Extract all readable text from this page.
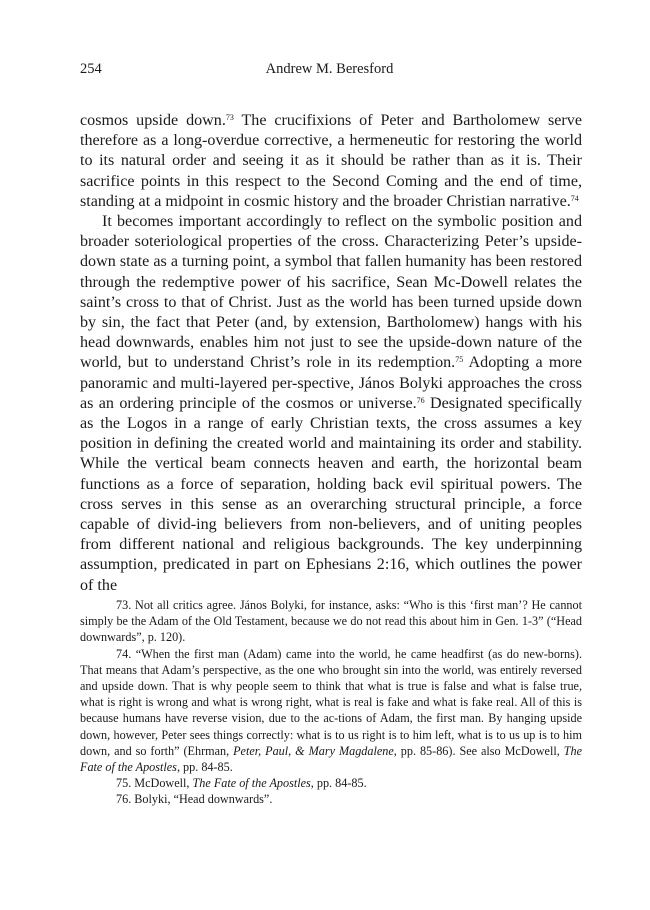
254	Andrew M. Beresford

cosmos upside down.$^{73}$ The crucifixions of Peter and Bartholomew serve therefore as a long-overdue corrective, a hermeneutic for restoring the world to its natural order and seeing it as it should be rather than as it is. Their sacrifice points in this respect to the Second Coming and the end of time, standing at a midpoint in cosmic history and the broader Christian narrative.$^{74}$

It becomes important accordingly to reflect on the symbolic position and broader soteriological properties of the cross. Characterizing Peter’s upside-down state as a turning point, a symbol that fallen humanity has been restored through the redemptive power of his sacrifice, Sean Mc-Dowell relates the saint’s cross to that of Christ. Just as the world has been turned upside down by sin, the fact that Peter (and, by extension, Bartholomew) hangs with his head downwards, enables him not just to see the upside-down nature of the world, but to understand Christ’s role in its redemption.$^{75}$ Adopting a more panoramic and multi-layered per-spective, János Bolyki approaches the cross as an ordering principle of the cosmos or universe.$^{76}$ Designated specifically as the Logos in a range of early Christian texts, the cross assumes a key position in defining the created world and maintaining its order and stability. While the vertical beam connects heaven and earth, the horizontal beam functions as a force of separation, holding back evil spiritual powers. The cross serves in this sense as an overarching structural principle, a force capable of divid-ing believers from non-believers, and of uniting peoples from different national and religious backgrounds. The key underpinning assumption, predicated in part on Ephesians 2:16, which outlines the power of the

73. Not all critics agree. János Bolyki, for instance, asks: “Who is this ‘first man’? He cannot simply be the Adam of the Old Testament, because we do not read this about him in Gen. 1-3” (“Head downwards”, p. 120).

74. “When the first man (Adam) came into the world, he came headfirst (as do new-borns). That means that Adam’s perspective, as the one who brought sin into the world, was entirely reversed and upside down. That is why people seem to think that what is true is false and what is false true, what is right is wrong and what is wrong right, what is real is fake and what is fake real. All of this is because humans have reverse vision, due to the ac-tions of Adam, the first man. By hanging upside down, however, Peter sees things correctly: what is to us right is to him left, what is to us up is to him down, and so forth” (Ehrman, Peter, Paul, & Mary Magdalene, pp. 85-86). See also McDowell, The Fate of the Apostles, pp. 84-85.

75. McDowell, The Fate of the Apostles, pp. 84-85.

76. Bolyki, “Head downwards”.
